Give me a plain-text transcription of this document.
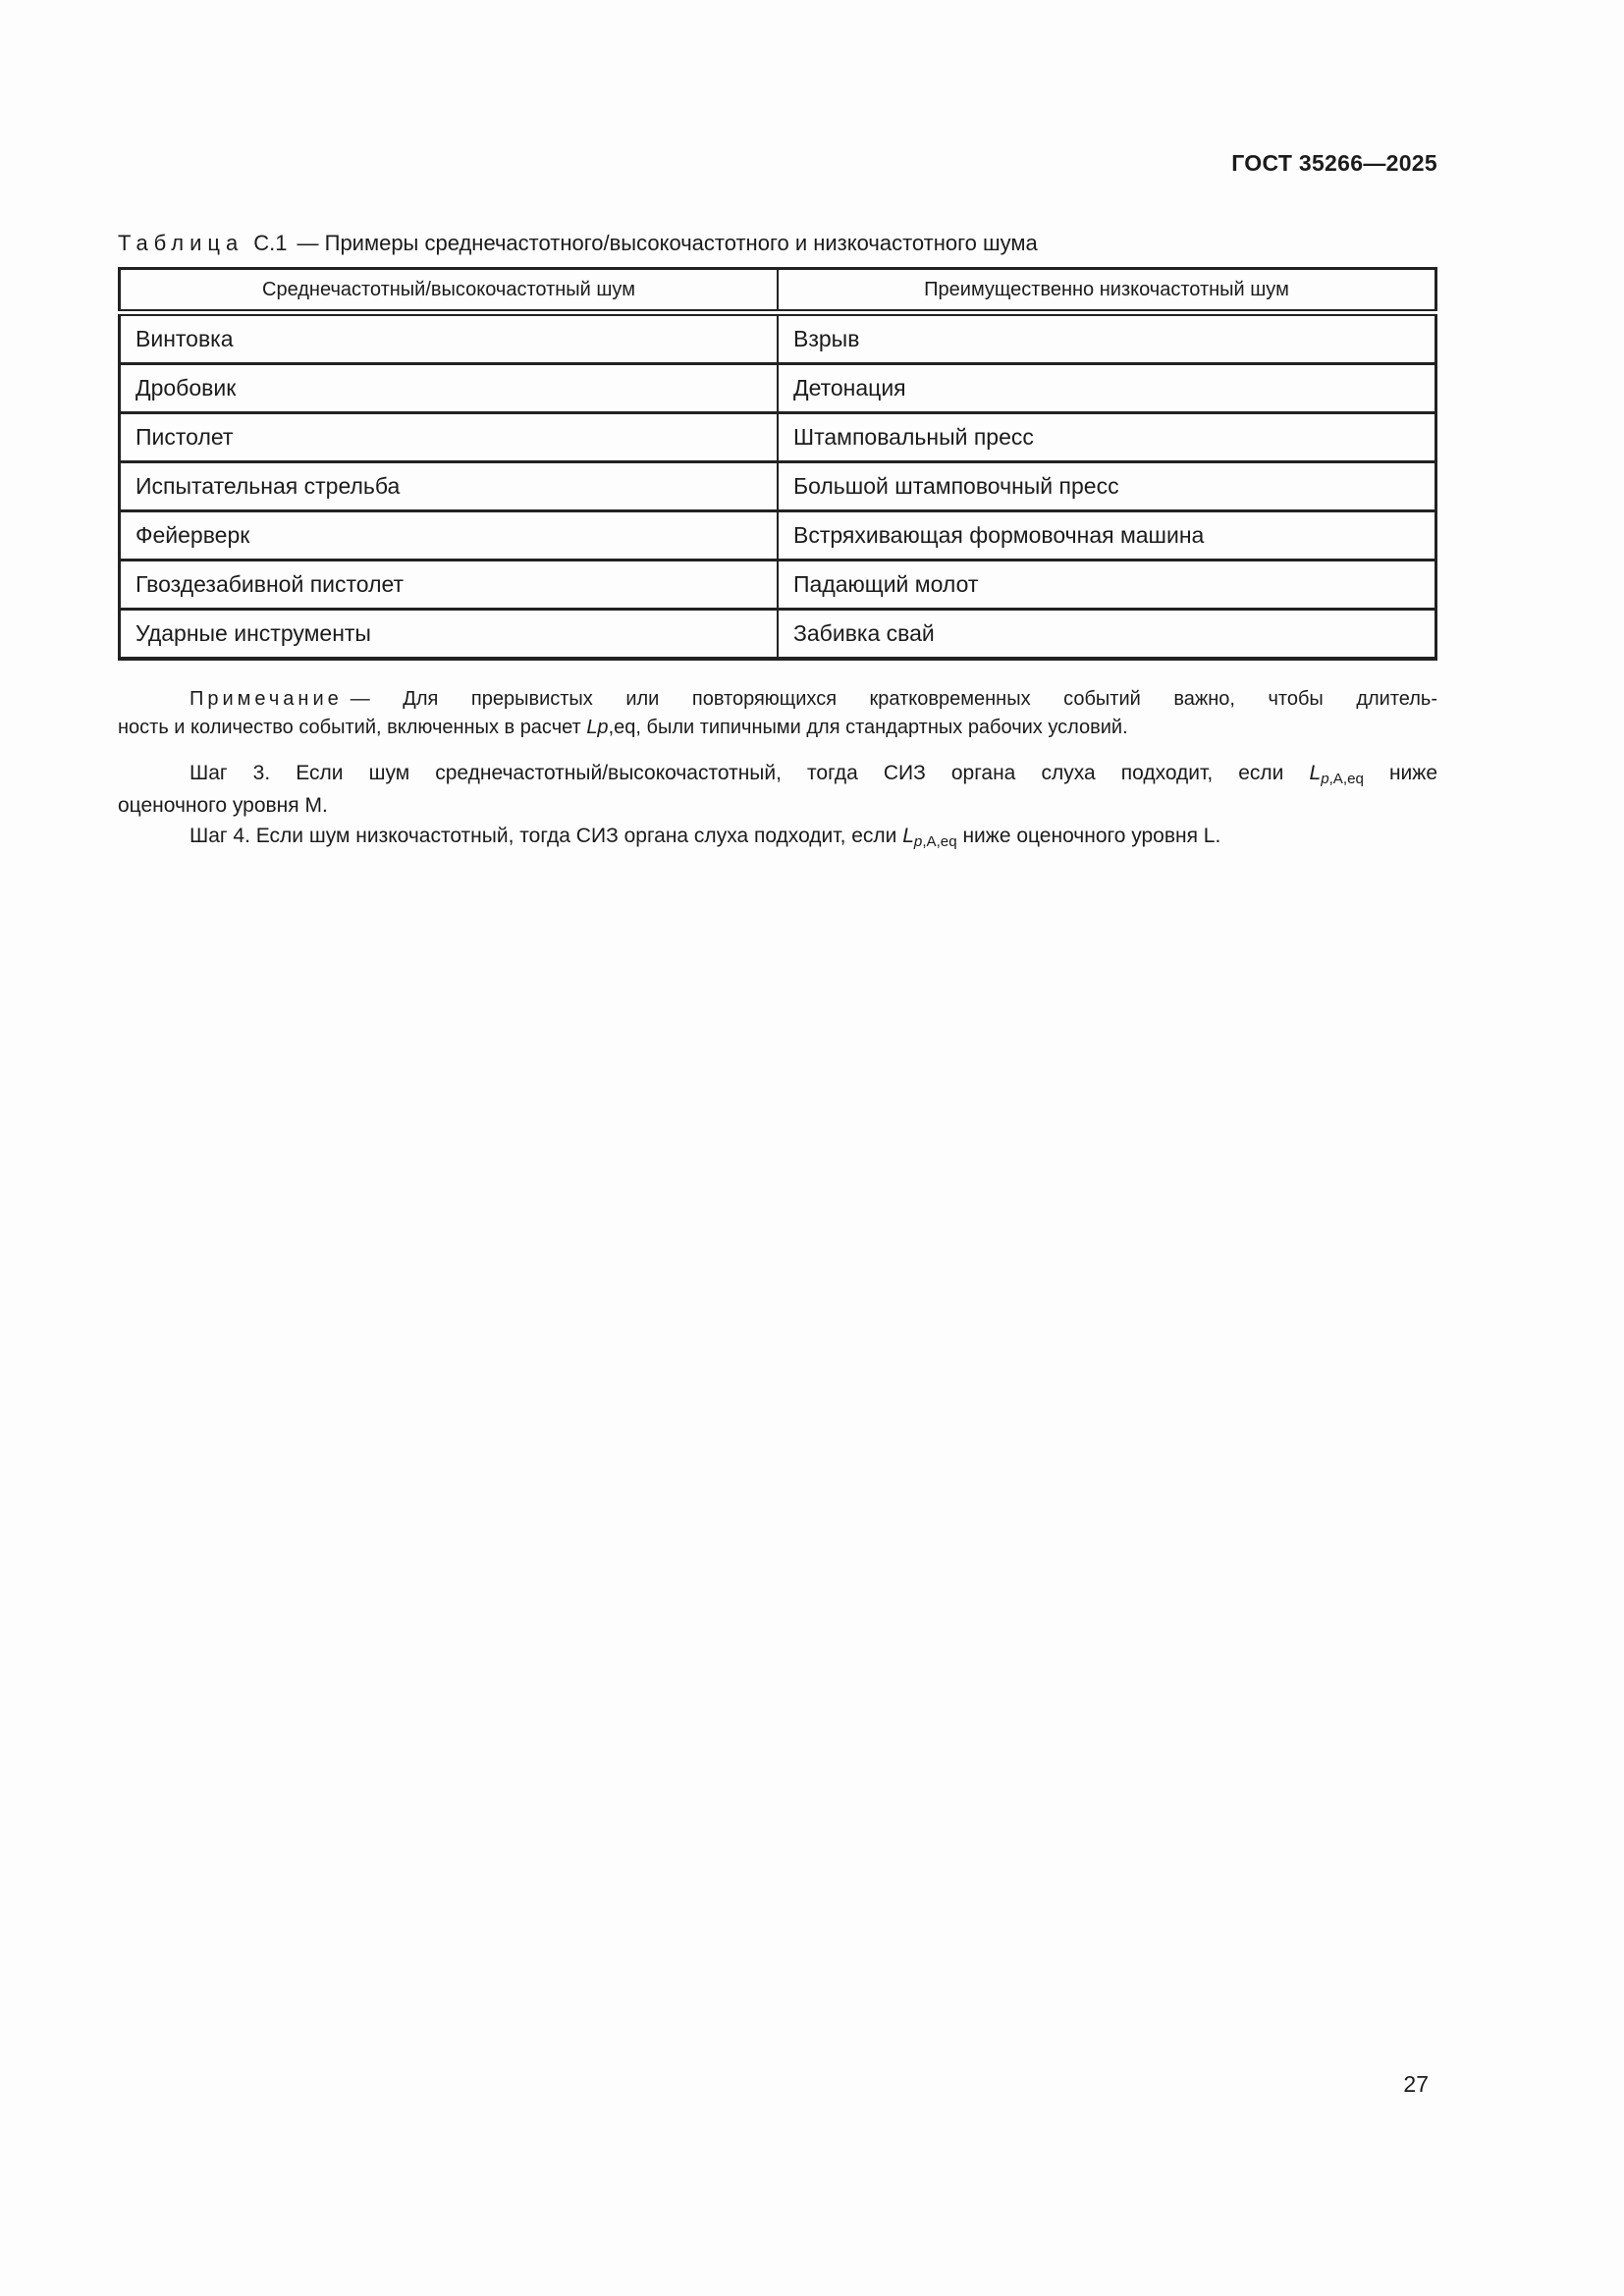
ГОСТ 35266—2025
Таблица С.1 — Примеры среднечастотного/высокочастотного и низкочастотного шума
Среднечастотный/высокочастотный шум	Преимущественно низкочастотный шум
Винтовка	Взрыв
Дробовик	Детонация
Пистолет	Штамповальный пресс
Испытательная стрельба	Большой штамповочный пресс
Фейерверк	Встряхивающая формовочная машина
Гвоздезабивной пистолет	Падающий молот
Ударные инструменты	Забивка свай
Примечание — Для прерывистых или повторяющихся кратковременных событий важно, чтобы длитель-
ность и количество событий, включенных в расчет Lp,eq, были типичными для стандартных рабочих условий.
Шаг 3. Если шум среднечастотный/высокочастотный, тогда СИЗ органа слуха подходит, если Lp,A,eq ниже
оценочного уровня М.
Шаг 4. Если шум низкочастотный, тогда СИЗ органа слуха подходит, если Lp,A,eq ниже оценочного уровня L.
27
